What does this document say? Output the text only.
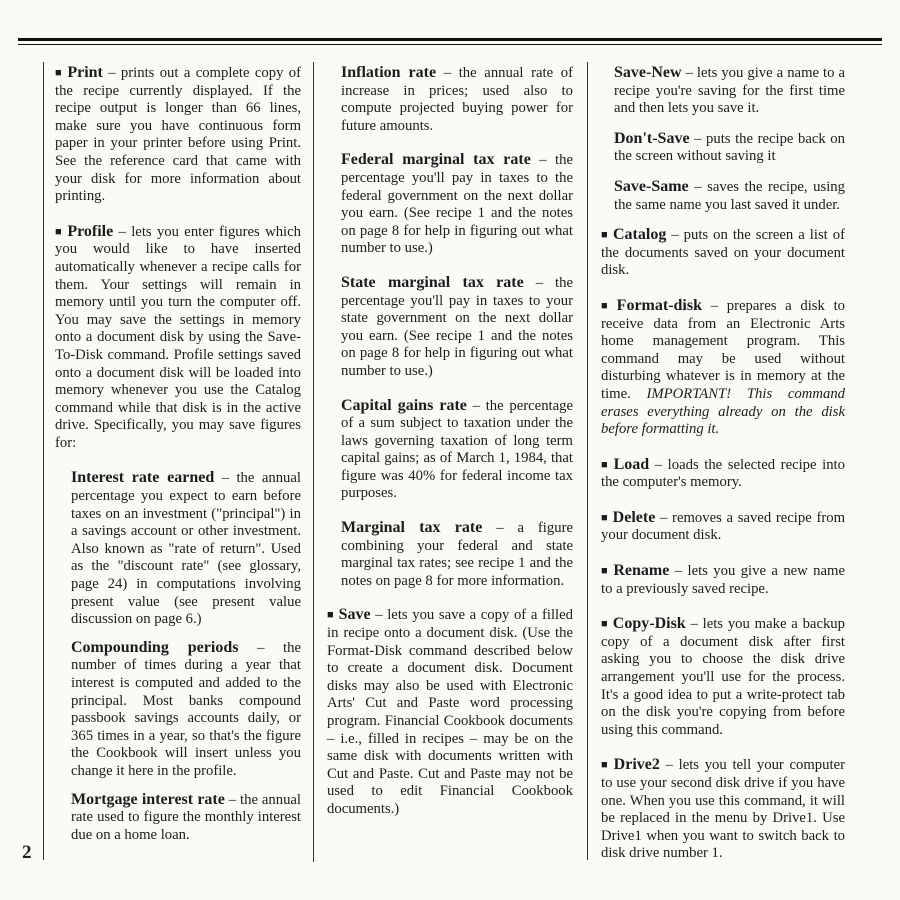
■ Print – prints out a complete copy of the recipe currently displayed. If the recipe output is longer than 66 lines, make sure you have continuous form paper in your printer before using Print. See the reference card that came with your disk for more information about printing.

■ Profile – lets you enter figures which you would like to have inserted automatically whenever a recipe calls for them. Your settings will remain in memory until you turn the computer off. You may save the settings in memory onto a document disk by using the Save-To-Disk command. Profile settings saved onto a document disk will be loaded into memory whenever you use the Catalog command while that disk is in the active drive. Specifically, you may save figures for:

Interest rate earned – the annual percentage you expect to earn before taxes on an investment ("principal") in a savings account or other investment. Also known as "rate of return". Used as the "discount rate" (see glossary, page 24) in computations involving present value (see present value discussion on page 6.)

Compounding periods – the number of times during a year that interest is computed and added to the principal. Most banks compound passbook savings accounts daily, or 365 times in a year, so that's the figure the Cookbook will insert unless you change it here in the profile.

Mortgage interest rate – the annual rate used to figure the monthly interest due on a home loan.

Inflation rate – the annual rate of increase in prices; used also to compute projected buying power for future amounts.

Federal marginal tax rate – the percentage you'll pay in taxes to the federal government on the next dollar you earn. (See recipe 1 and the notes on page 8 for help in figuring out what number to use.)

State marginal tax rate – the percentage you'll pay in taxes to your state government on the next dollar you earn. (See recipe 1 and the notes on page 8 for help in figuring out what number to use.)

Capital gains rate – the percentage of a sum subject to taxation under the laws governing taxation of long term capital gains; as of March 1, 1984, that figure was 40% for federal income tax purposes.

Marginal tax rate – a figure combining your federal and state marginal tax rates; see recipe 1 and the notes on page 8 for more information.

■ Save – lets you save a copy of a filled in recipe onto a document disk. (Use the Format-Disk command described below to create a document disk. Document disks may also be used with Electronic Arts' Cut and Paste word processing program. Financial Cookbook documents – i.e., filled in recipes – may be on the same disk with documents written with Cut and Paste. Cut and Paste may not be used to edit Financial Cookbook documents.)

Save-New – lets you give a name to a recipe you're saving for the first time and then lets you save it.

Don't-Save – puts the recipe back on the screen without saving it

Save-Same – saves the recipe, using the same name you last saved it under.

■ Catalog – puts on the screen a list of the documents saved on your document disk.

■ Format-disk – prepares a disk to receive data from an Electronic Arts home management program. This command may be used without disturbing whatever is in memory at the time. IMPORTANT! This command erases everything already on the disk before formatting it.

■ Load – loads the selected recipe into the computer's memory.

■ Delete – removes a saved recipe from your document disk.

■ Rename – lets you give a new name to a previously saved recipe.

■ Copy-Disk – lets you make a backup copy of a document disk after first asking you to choose the disk drive arrangement you'll use for the process. It's a good idea to put a write-protect tab on the disk you're copying from before using this command.

■ Drive2 – lets you tell your computer to use your second disk drive if you have one. When you use this command, it will be replaced in the menu by Drive1. Use Drive1 when you want to switch back to disk drive number 1.

2
